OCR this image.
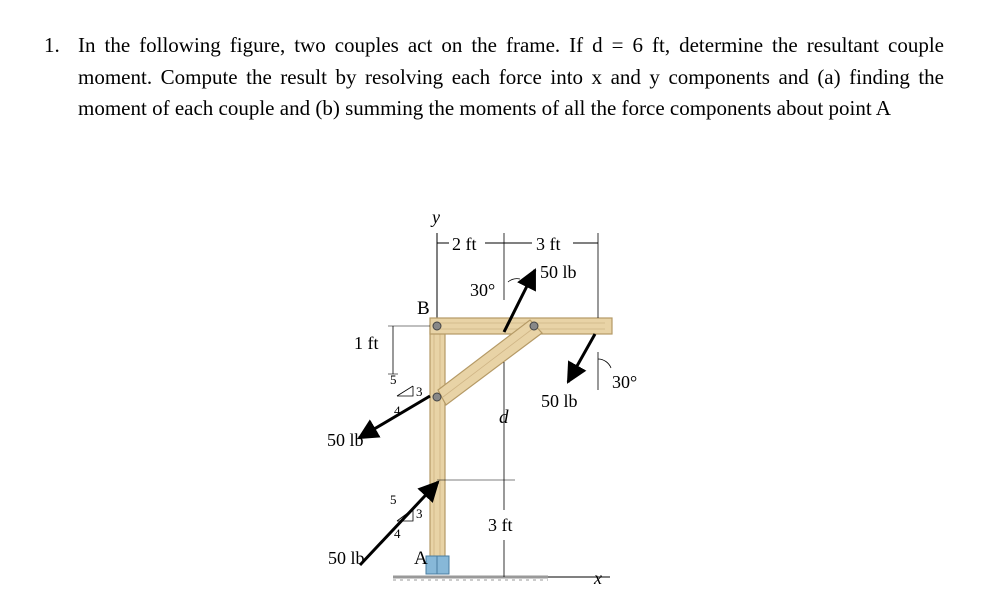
1. In the following figure, two couples act on the frame. If d = 6 ft, determine the resultant couple moment. Compute the result by resolving each force into x and y components and (a) finding the moment of each couple and (b) summing the moments of all the force components about point A
x
y
A
B
2 ft	3 ft
30°
50 lb
30°
50 lb
d
3 ft
1 ft
5
3
4
50 lb
5
3
4
50 lb
